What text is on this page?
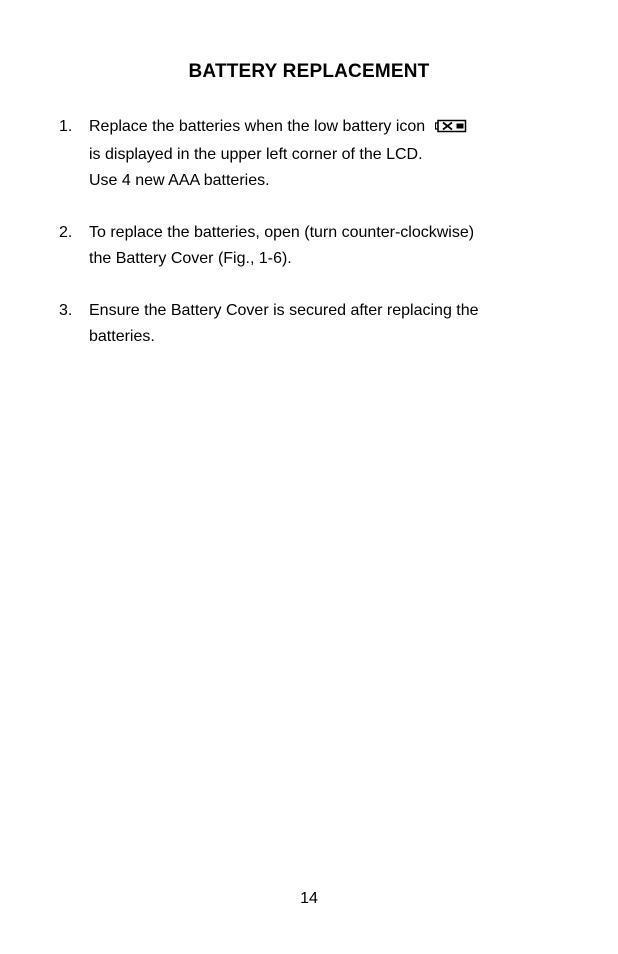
BATTERY REPLACEMENT
1. Replace the batteries when the low battery icon
is displayed in the upper left corner of the LCD.
Use 4 new AAA batteries.
2. To replace the batteries, open (turn counter-clockwise)
the Battery Cover (Fig., 1-6).
3. Ensure the Battery Cover is secured after replacing the
batteries.
14
